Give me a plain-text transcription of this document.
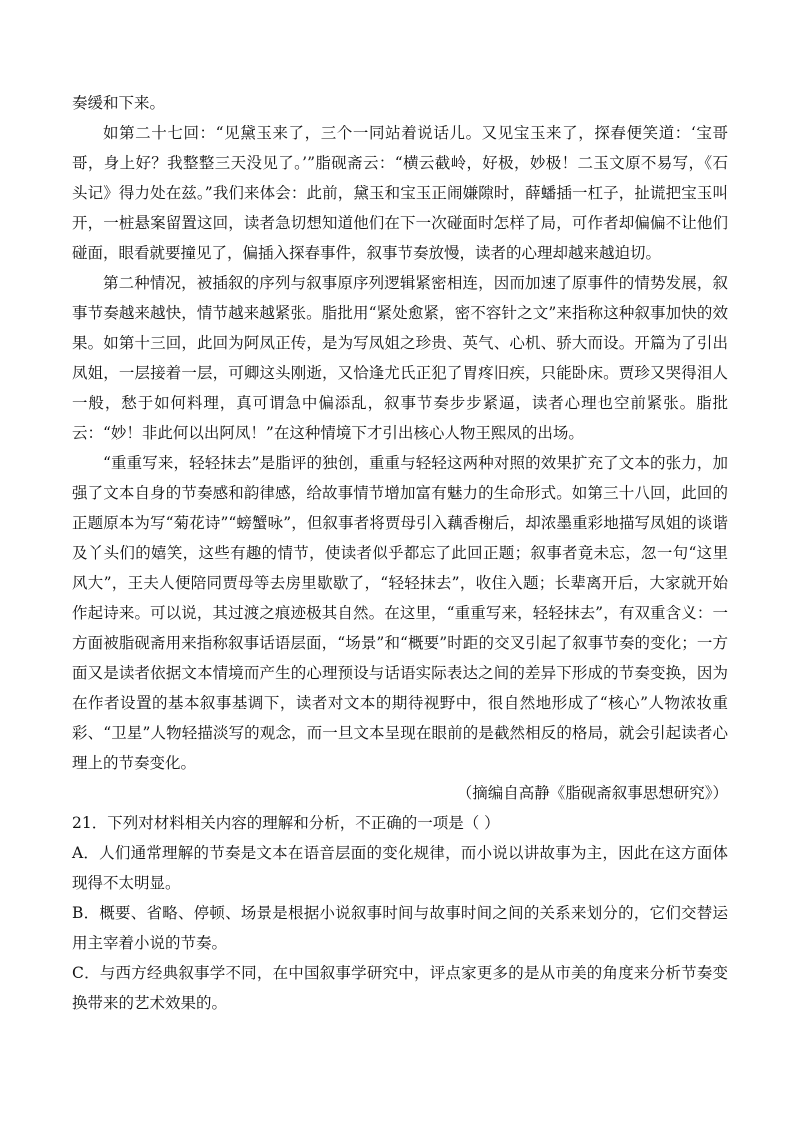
奏缓和下来。

如第二十七回：“见黛玉来了，三个一同站着说话儿。又见宝玉来了，探春便笑道：‘宝哥哥，身上好？我整整三天没见了。’”脂砚斋云：“横云截岭，好极，妙极！二玉文原不易写，《石头记》得力处在兹。”我们来体会：此前，黛玉和宝玉正闹嫌隙时，薛蟠插一杠子，扯谎把宝玉叫开，一桩悬案留置这回，读者急切想知道他们在下一次碰面时怎样了局，可作者却偏偏不让他们碰面，眼看就要撞见了，偏插入探春事件，叙事节奏放慢，读者的心理却越来越迫切。

第二种情况，被插叙的序列与叙事原序列逻辑紧密相连，因而加速了原事件的情势发展，叙事节奏越来越快，情节越来越紧张。脂批用“紧处愈紧，密不容针之文”来指称这种叙事加快的效果。如第十三回，此回为阿凤正传，是为写凤姐之珍贵、英气、心机、骄大而设。开篇为了引出凤姐，一层接着一层，可卿这头刚逝，又恰逢尤氏正犯了胃疼旧疾，只能卧床。贾珍又哭得泪人一般，愁于如何料理，真可谓急中偏添乱，叙事节奏步步紧逼，读者心理也空前紧张。脂批云：“妙！非此何以出阿凤！”在这种情境下才引出核心人物王熙凤的出场。

“重重写来，轻轻抹去”是脂评的独创，重重与轻轻这两种对照的效果扩充了文本的张力，加强了文本自身的节奏感和韵律感，给故事情节增加富有魅力的生命形式。如第三十八回，此回的正题原本为写“菊花诗”“螃蟹咏”，但叙事者将贾母引入藕香榭后，却浓墨重彩地描写凤姐的谈谐及丫头们的嬉笑，这些有趣的情节，使读者似乎都忘了此回正题；叙事者竟未忘，忽一句“这里风大”，王夫人便陪同贾母等去房里歇歇了，“轻轻抹去”，收住入题；长辈离开后，大家就开始作起诗来。可以说，其过渡之痕迹极其自然。在这里，“重重写来，轻轻抹去”，有双重含义：一方面被脂砚斋用来指称叙事话语层面，“场景”和“概要”时距的交叉引起了叙事节奏的变化；一方面又是读者依据文本情境而产生的心理预设与话语实际表达之间的差异下形成的节奏变换，因为在作者设置的基本叙事基调下，读者对文本的期待视野中，很自然地形成了“核心”人物浓妆重彩、“卫星”人物轻描淡写的观念，而一旦文本呈现在眼前的是截然相反的格局，就会引起读者心理上的节奏变化。

（摘编自高静《脂砚斋叙事思想研究》）

21．下列对材料相关内容的理解和分析，不正确的一项是（ ）

A．人们通常理解的节奏是文本在语音层面的变化规律，而小说以讲故事为主，因此在这方面体现得不太明显。

B．概要、省略、停顿、场景是根据小说叙事时间与故事时间之间的关系来划分的，它们交替运用主宰着小说的节奏。

C．与西方经典叙事学不同，在中国叙事学研究中，评点家更多的是从市美的角度来分析节奏变换带来的艺术效果的。
